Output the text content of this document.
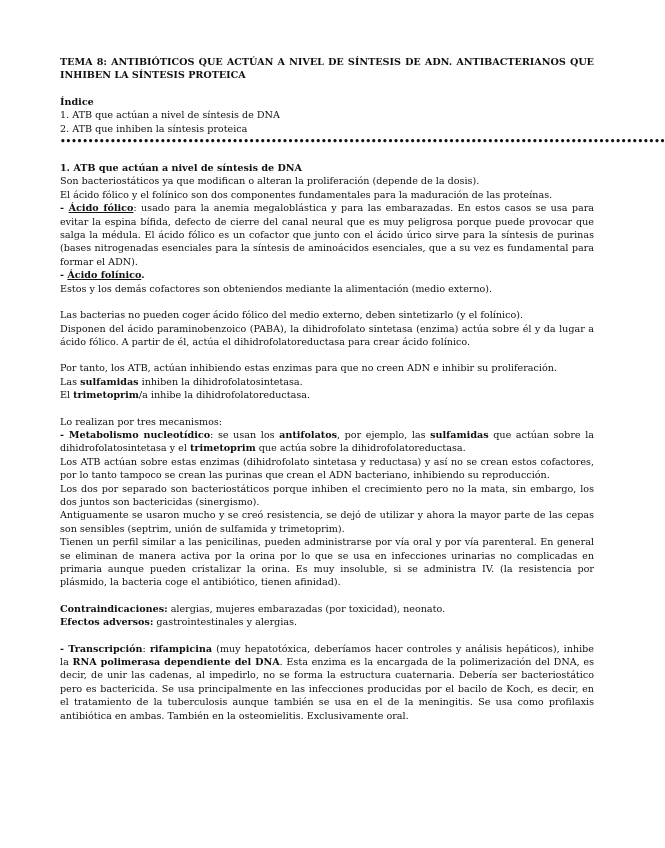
TEMA 8: ANTIBIÓTICOS QUE ACTÚAN A NIVEL DE SÍNTESIS DE ADN. ANTIBACTERIANOS QUE INHIBEN LA SÍNTESIS PROTEICA

Índice

1. ATB que actúan a nivel de síntesis de DNA

2. ATB que inhiben la síntesis proteica

•••••••••••••••••••••••••••••••••••••••••••••••••••••••••••••••••••••••••••••••••••••••••••••••••••••••••••••

1. ATB que actúan a nivel de síntesis de DNA

Son bacteriostáticos ya que modifican o alteran la proliferación (depende de la dosis).

El ácido fólico y el folínico son dos componentes fundamentales para la maduración de las proteínas.

- Ácido fólico: usado para la anemia megaloblástica y para las embarazadas. En estos casos se usa para evitar la espina bífida, defecto de cierre del canal neural que es muy peligrosa porque puede provocar que salga la médula. El ácido fólico es un cofactor que junto con el ácido úrico sirve para la síntesis de purinas (bases nitrogenadas esenciales para la síntesis de aminoácidos esenciales, que a su vez es fundamental para formar el ADN).

- Ácido folínico.

Estos y los demás cofactores son obteniendos mediante la alimentación (medio externo).

Las bacterias no pueden coger ácido fólico del medio externo, deben sintetizarlo (y el folínico).

Disponen del ácido paraminobenzoico (PABA), la dihidrofolato sintetasa (enzima) actúa sobre él y da lugar a ácido fólico. A partir de él, actúa el dihidrofolatoreductasa para crear ácido folínico.

Por tanto, los ATB, actúan inhibiendo estas enzimas para que no creen ADN e inhibir su proliferación.

Las sulfamidas inhiben la dihidrofolatosintetasa.

El trimetoprim/a inhibe la dihidrofolatoreductasa.

Lo realizan por tres mecanismos:

- Metabolismo nucleotídico: se usan los antifolatos, por ejemplo, las sulfamidas que actúan sobre la dihidrofolatosintetasa y el trimetoprim que actúa sobre la dihidrofolatoreductasa.

Los ATB actúan sobre estas enzimas (dihidrofolato sintetasa y reductasa) y así no se crean estos cofactores, por lo tanto tampoco se crean las purinas que crean el ADN bacteriano, inhibiendo su reproducción.

Los dos por separado son bacteriostáticos porque inhiben el crecimiento pero no la mata, sin embargo, los dos juntos son bactericidas (sinergismo).

Antiguamente se usaron mucho y se creó resistencia, se dejó de utilizar y ahora la mayor parte de las cepas son sensibles (septrim, unión de sulfamida y trimetoprim).

Tienen un perfil similar a las penicilinas, pueden administrarse por vía oral y por vía parenteral. En general se eliminan de manera activa por la orina por lo que se usa en infecciones urinarias no complicadas en primaria aunque pueden cristalizar la orina. Es muy insoluble, si se administra IV. (la resistencia por plásmido, la bacteria coge el antibiótico, tienen afinidad).

Contraindicaciones: alergias, mujeres embarazadas (por toxicidad), neonato.

Efectos adversos: gastrointestinales y alergias.

- Transcripción: rifampicina (muy hepatotóxica, deberíamos hacer controles y análisis hepáticos), inhibe la RNA polimerasa dependiente del DNA. Esta enzima es la encargada de la polimerización del DNA, es decir, de unir las cadenas, al impedirlo, no se forma la estructura cuaternaria. Debería ser bacteriostático pero es bactericida. Se usa principalmente en las infecciones producidas por el bacilo de Koch, es decir, en el tratamiento de la tuberculosis aunque también se usa en el de la meningitis. Se usa como profilaxis antibiótica en ambas. También en la osteomielitis. Exclusivamente oral.
